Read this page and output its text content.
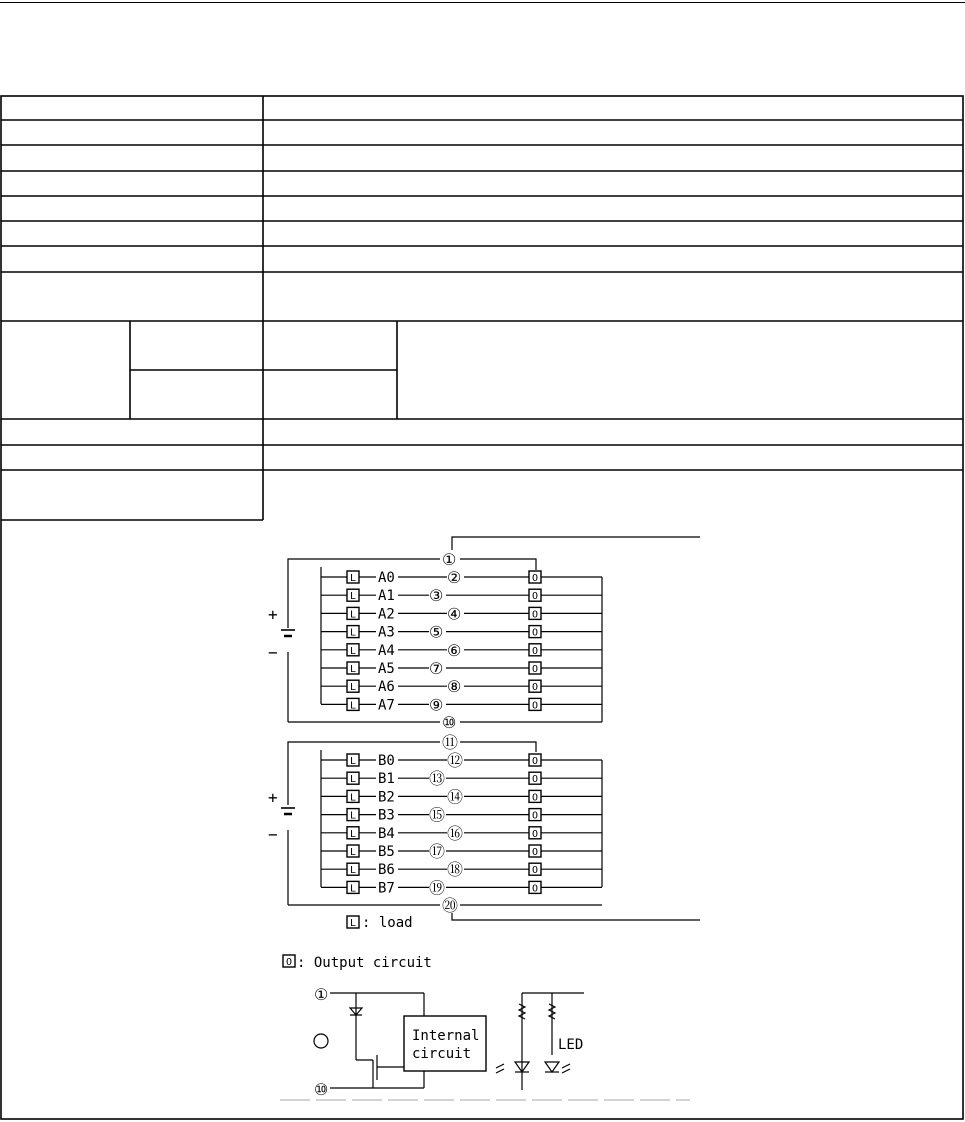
L A0	②	O
L A1 ③	O
L A2	④	O
L A3 ⑤	O
L A4	⑥	O
L A5 ⑦	O
L A6	⑧	O
L A7 ⑨	O
①
⑩
L B0	⑫	O
L B1 ⑬	O
L B2	⑭	O
L B3 ⑮	O
L B4	⑯	O
L B5 ⑰	O
L B6	⑱	O
L B7 ⑲	O
⑪
⑳
+
−
+
−
L : load
O : Output circuit
①
⑩
Internal
circuit
LED
